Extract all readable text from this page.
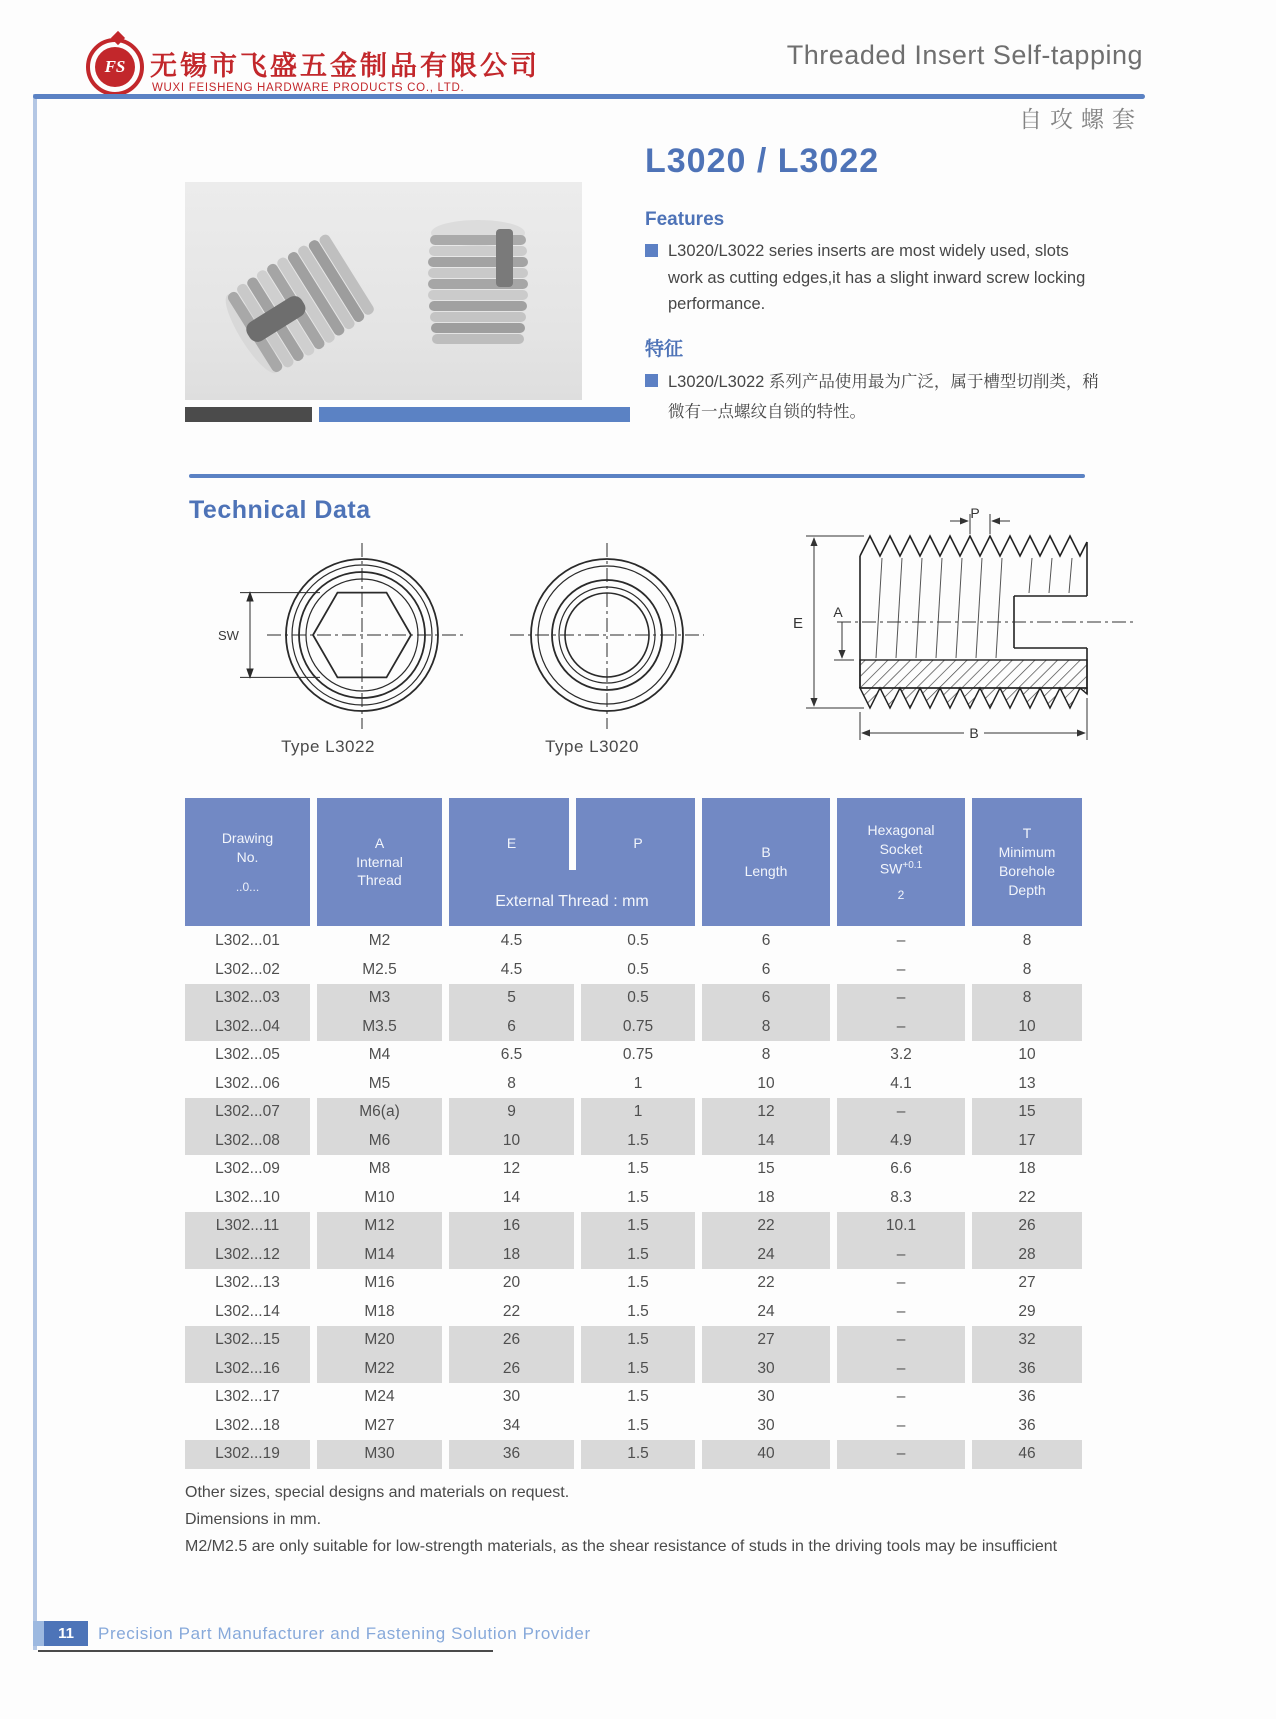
FS 无锡市飞盛五金制品有限公司
WUXI FEISHENG HARDWARE PRODUCTS CO., LTD.
Threaded Insert Self-tapping
自攻螺套
L3020 / L3022
Features

L3020/L3022 series inserts are most widely used, slots work as cutting edges,it has a slight inward screw locking performance.

特征

L3020/L3022 系列产品使用最为广泛，属于槽型切削类，稍微有一点螺纹自锁的特性。

Technical Data
SW
P
E
A
B
Type L3022	Type L3020
Drawing
No.
..0...
A
Internal
Thread
E	P
External Thread : mm
B
Length
Hexagonal
Socket
$SW^{+0.1}$
2
T
Minimum
Borehole
Depth
L302...01	M2	4.5	0.5	6	–	8
L302...02	M2.5	4.5	0.5	6	–	8
L302...03	M3	5	0.5	6	–	8
L302...04	M3.5	6	0.75	8	–	10
L302...05	M4	6.5	0.75	8	3.2	10
L302...06	M5	8	1	10	4.1	13
L302...07	M6(a)	9	1	12	–	15
L302...08	M6	10	1.5	14	4.9	17
L302...09	M8	12	1.5	15	6.6	18
L302...10	M10	14	1.5	18	8.3	22
L302...11	M12	16	1.5	22	10.1	26
L302...12	M14	18	1.5	24	–	28
L302...13	M16	20	1.5	22	–	27
L302...14	M18	22	1.5	24	–	29
L302...15	M20	26	1.5	27	–	32
L302...16	M22	26	1.5	30	–	36
L302...17	M24	30	1.5	30	–	36
L302...18	M27	34	1.5	30	–	36
L302...19	M30	36	1.5	40	–	46

Other sizes, special designs and materials on request.

Dimensions in mm.

M2/M2.5 are only suitable for low-strength materials, as the shear resistance of studs in the driving tools may be insufficient

11	Precision Part Manufacturer and Fastening Solution Provider
